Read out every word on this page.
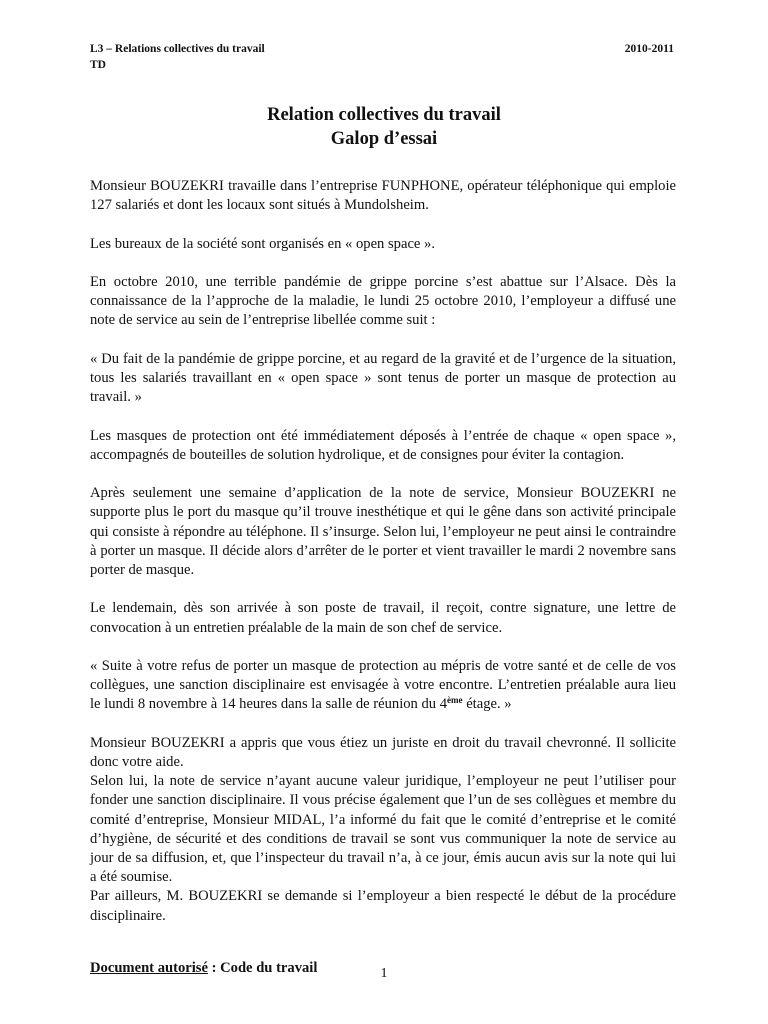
L3 – Relations collectives du travail	2010-2011
TD
Relation collectives du travail
Galop d’essai

Monsieur BOUZEKRI travaille dans l’entreprise FUNPHONE, opérateur téléphonique qui emploie 127 salariés et dont les locaux sont situés à Mundolsheim.

Les bureaux de la société sont organisés en « open space ».

En octobre 2010, une terrible pandémie de grippe porcine s’est abattue sur l’Alsace. Dès la connaissance de la l’approche de la maladie, le lundi 25 octobre 2010, l’employeur a diffusé une note de service au sein de l’entreprise libellée comme suit :

« Du fait de la pandémie de grippe porcine, et au regard de la gravité et de l’urgence de la situation, tous les salariés travaillant en « open space » sont tenus de porter un masque de protection au travail. »

Les masques de protection ont été immédiatement déposés à l’entrée de chaque « open space », accompagnés de bouteilles de solution hydrolique, et de consignes pour éviter la contagion.

Après seulement une semaine d’application de la note de service, Monsieur BOUZEKRI ne supporte plus le port du masque qu’il trouve inesthétique et qui le gêne dans son activité principale qui consiste à répondre au téléphone. Il s’insurge. Selon lui, l’employeur ne peut ainsi le contraindre à porter un masque. Il décide alors d’arrêter de le porter et vient travailler le mardi 2 novembre sans porter de masque.

Le lendemain, dès son arrivée à son poste de travail, il reçoit, contre signature, une lettre de convocation à un entretien préalable de la main de son chef de service.

« Suite à votre refus de porter un masque de protection au mépris de votre santé et de celle de vos collègues, une sanction disciplinaire est envisagée à votre encontre. L’entretien préalable aura lieu le lundi 8 novembre à 14 heures dans la salle de réunion du 4ème étage. »

Monsieur BOUZEKRI a appris que vous étiez un juriste en droit du travail chevronné. Il sollicite donc votre aide.

Selon lui, la note de service n’ayant aucune valeur juridique, l’employeur ne peut l’utiliser pour fonder une sanction disciplinaire. Il vous précise également que l’un de ses collègues et membre du comité d’entreprise, Monsieur MIDAL, l’a informé du fait que le comité d’entreprise et le comité d’hygiène, de sécurité et des conditions de travail se sont vus communiquer la note de service au jour de sa diffusion, et, que l’inspecteur du travail n’a, à ce jour, émis aucun avis sur la note qui lui a été soumise.

Par ailleurs, M. BOUZEKRI se demande si l’employeur a bien respecté le début de la procédure disciplinaire.

Document autorisé : Code du travail	1
